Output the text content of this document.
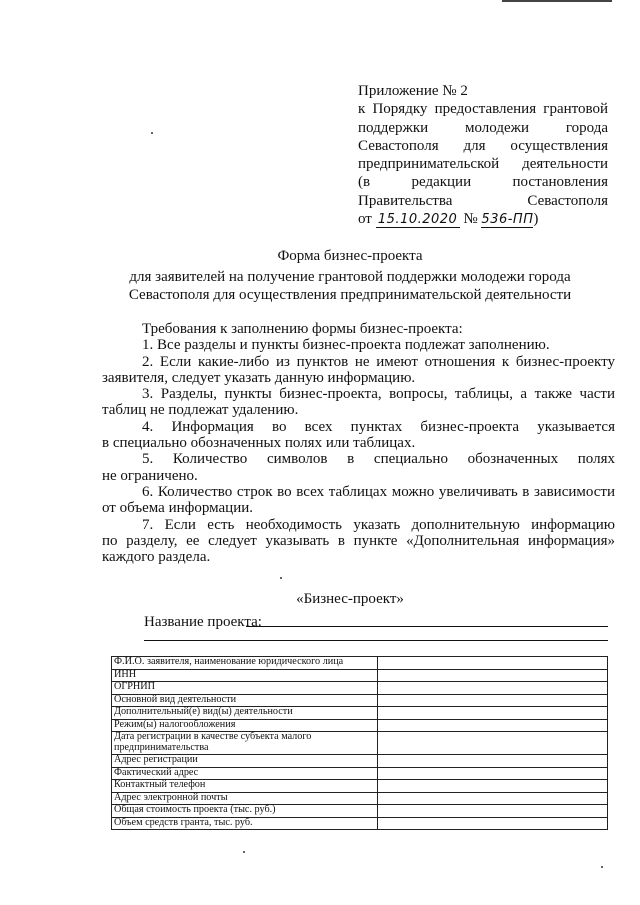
Приложение № 2
к Порядку предоставления грантовой
поддержки молодежи города
Севастополя для осуществления
предпринимательской деятельности
(в редакции постановления
Правительства Севастополя
от 15.10.2020 № 536-ПП)
Форма бизнес-проекта
для заявителей на получение грантовой поддержки молодежи города
Севастополя для осуществления предпринимательской деятельности
Требования к заполнению формы бизнес-проекта:
1. Все разделы и пункты бизнес-проекта подлежат заполнению.
2. Если какие-либо из пунктов не имеют отношения к бизнес-проекту
заявителя, следует указать данную информацию.
3. Разделы, пункты бизнес-проекта, вопросы, таблицы, а также части
таблиц не подлежат удалению.
4. Информация во всех пунктах бизнес-проекта указывается
в специально обозначенных полях или таблицах.
5. Количество символов в специально обозначенных полях
не ограничено.
6. Количество строк во всех таблицах можно увеличивать в зависимости
от объема информации.
7. Если есть необходимость указать дополнительную информацию
по разделу, ее следует указывать в пункте «Дополнительная информация»
каждого раздела.
«Бизнес-проект»
Название проекта:
Ф.И.О. заявителя, наименование юридического лица	
ИНН	
ОГРНИП	
Основной вид деятельности	
Дополнительный(е) вид(ы) деятельности	
Режим(ы) налогообложения	
Дата регистрации в качестве субъекта малого предпринимательства	
Адрес регистрации	
Фактический адрес	
Контактный телефон	
Адрес электронной почты	
Общая стоимость проекта (тыс. руб.)	
Объем средств гранта, тыс. руб.	
